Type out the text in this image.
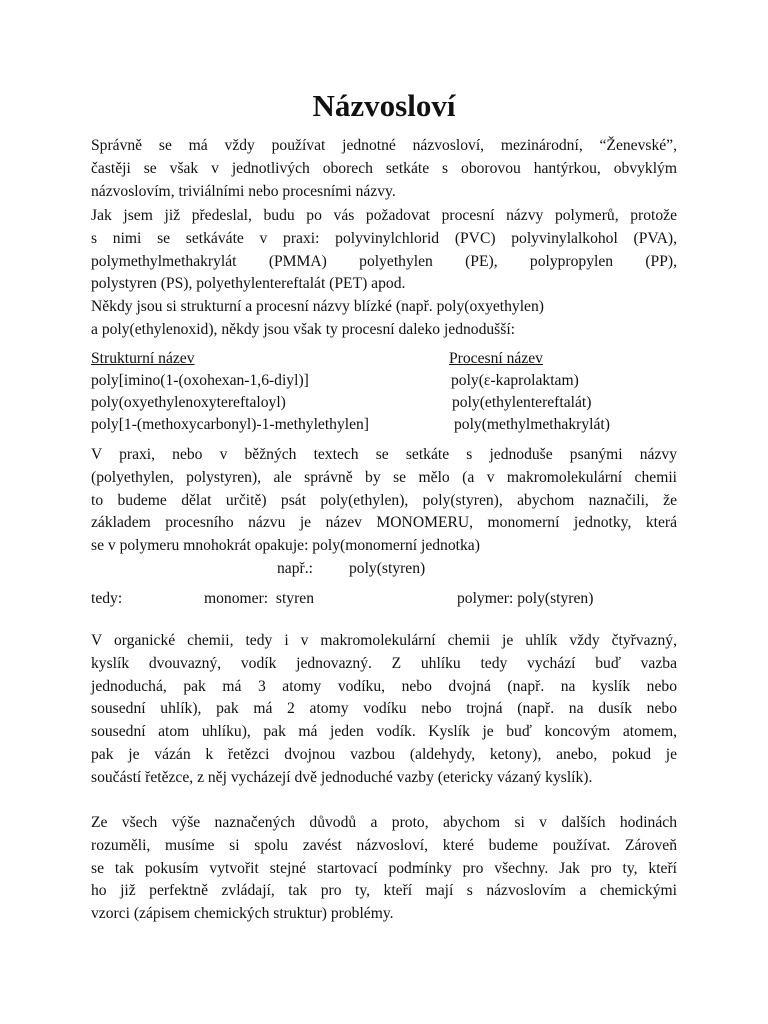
Názvosloví
Správně se má vždy používat jednotné názvosloví, mezinárodní, “Ženevské”,
častěji se však v jednotlivých oborech setkáte s oborovou hantýrkou, obvyklým
názvoslovím, triviálními nebo procesními názvy.
Jak jsem již předeslal, budu po vás požadovat procesní názvy polymerů, protože
s nimi se setkáváte v praxi: polyvinylchlorid (PVC) polyvinylalkohol (PVA),
polymethylmethakrylát (PMMA) polyethylen (PE), polypropylen (PP),
polystyren (PS), polyethylentereftalát (PET) apod.
Někdy jsou si strukturní a procesní názvy blízké (např. poly(oxyethylen)
a poly(ethylenoxid), někdy jsou však ty procesní daleko jednodušší:
Strukturní název	Procesní název
poly[imino(1-(oxohexan-1,6-diyl)]	poly(ε-kaprolaktam)
poly(oxyethylenoxytereftaloyl)	poly(ethylentereftalát)
poly[1-(methoxycarbonyl)-1-methylethylen]	poly(methylmethakrylát)
V praxi, nebo v běžných textech se setkáte s jednoduše psanými názvy
(polyethylen, polystyren), ale správně by se mělo (a v makromolekulární chemii
to budeme dělat určitě) psát poly(ethylen), poly(styren), abychom naznačili, že
základem procesního názvu je název MONOMERU, monomerní jednotky, která
se v polymeru mnohokrát opakuje: poly(monomerní jednotka)
např.: poly(styren)
tedy:	monomer:  styren	polymer: poly(styren)
V organické chemii, tedy i v makromolekulární chemii je uhlík vždy čtyřvazný,
kyslík dvouvazný, vodík jednovazný. Z uhlíku tedy vychází buď vazba
jednoduchá, pak má 3 atomy vodíku, nebo dvojná (např. na kyslík nebo
sousední uhlík), pak má 2 atomy vodíku nebo trojná (např. na dusík nebo
sousední atom uhlíku), pak má jeden vodík. Kyslík je buď koncovým atomem,
pak je vázán k řetězci dvojnou vazbou (aldehydy, ketony), anebo, pokud je
součástí řetězce, z něj vycházejí dvě jednoduché vazby (etericky vázaný kyslík).
Ze všech výše naznačených důvodů a proto, abychom si v dalších hodinách
rozuměli, musíme si spolu zavést názvosloví, které budeme používat. Zároveň
se tak pokusím vytvořit stejné startovací podmínky pro všechny. Jak pro ty, kteří
ho již perfektně zvládají, tak pro ty, kteří mají s názvoslovím a chemickými
vzorci (zápisem chemických struktur) problémy.
